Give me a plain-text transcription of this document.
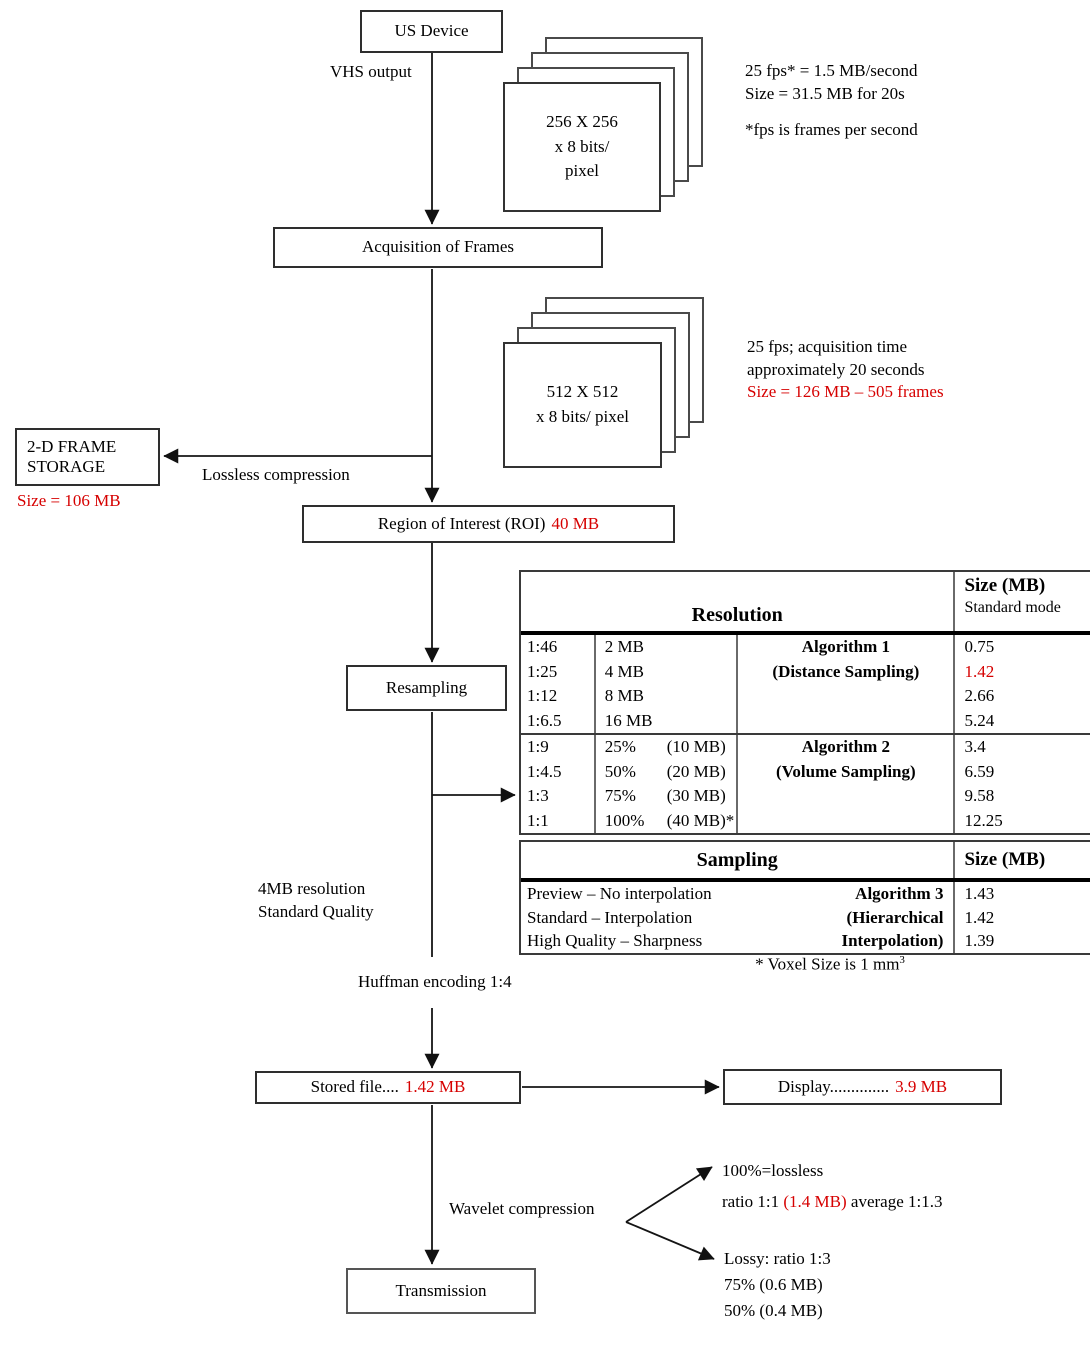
US Device
VHS output
256 X 256
x 8 bits/
pixel
25 fps* = 1.5 MB/second
Size = 31.5 MB for 20s
*fps is frames per second
Acquisition of Frames
512 X 512
x 8 bits/ pixel
25 fps; acquisition time
approximately 20 seconds
Size = 126 MB – 505 frames
2-D FRAME
STORAGE
Size = 106 MB
Lossless compression
Region of Interest (ROI) 40 MB
Resampling
Resolution
Size (MB)
Standard mode
1:46
1:25
1:12
1:6.5
2 MB
4 MB
8 MB
16 MB
Algorithm 1
(Distance Sampling)
0.75
1.42
2.66
5.24
1:9
1:4.5
1:3
1:1
25% (10 MB)
50% (20 MB)
75% (30 MB)
100% (40 MB)*
Algorithm 2
(Volume Sampling)
3.4
6.59
9.58
12.25
Sampling	Size (MB)
Preview – No interpolation
Standard – Interpolation
High Quality – Sharpness
Algorithm 3
(Hierarchical
Interpolation)
1.43
1.42
1.39
* Voxel Size is 1 $mm^3$
4MB resolution
Standard Quality
Huffman encoding 1:4
Stored file.... 1.42 MB	Display.............. 3.9 MB
Wavelet compression
100%=lossless
ratio 1:1 (1.4 MB) average 1:1.3
Lossy: ratio 1:3
75% (0.6 MB)
50% (0.4 MB)
Transmission
